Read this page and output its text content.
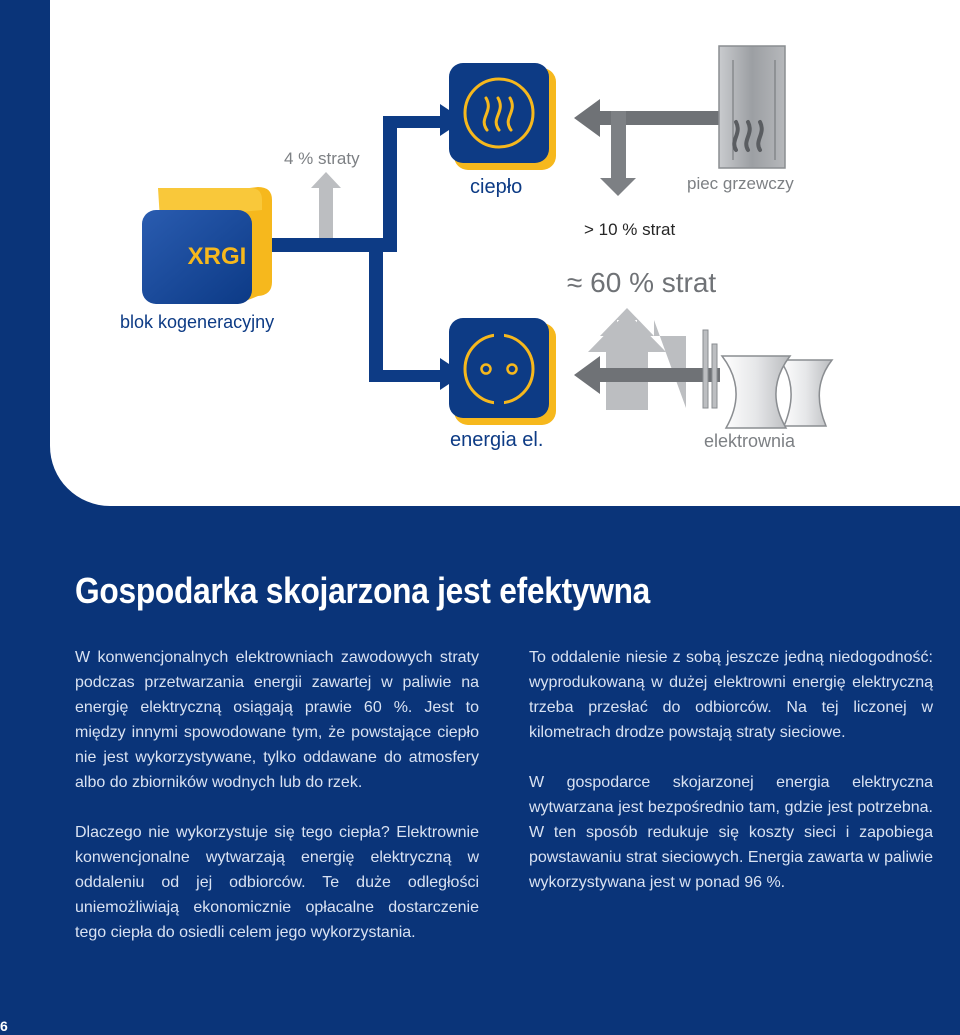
XRGI
4 % straty
ciepło	piec grzewczy
> 10 % strat
≈ 60 % strat
blok kogeneracyjny
energia el.	elektrownia
Gospodarka skojarzona jest efektywna

W konwencjonalnych elektrowniach zawodowych straty podczas przetwarzania energii zawartej w paliwie na energię elektryczną osiągają prawie 60 %. Jest to między innymi spowodowane tym, że powstające ciepło nie jest wykorzystywane, tylko oddawane do atmosfery albo do zbiorników wodnych lub do rzek.

Dlaczego nie wykorzystuje się tego ciepła? Elektrownie konwencjonalne wytwarzają energię elektryczną w oddaleniu od jej odbiorców. Te duże odległości uniemożliwiają ekonomicznie opłacalne dostarczenie tego ciepła do osiedli celem jego wykorzystania.

To oddalenie niesie z sobą jeszcze jedną niedogodność: wyprodukowaną w dużej elektrowni energię elektryczną trzeba przesłać do odbiorców. Na tej liczonej w kilometrach drodze powstają straty sieciowe.

W gospodarce skojarzonej energia elektryczna wytwarzana jest bezpośrednio tam, gdzie jest potrzebna. W ten sposób redukuje się koszty sieci i zapobiega powstawaniu strat sieciowych. Energia zawarta w paliwie wykorzystywana jest w ponad 96 %.

6
